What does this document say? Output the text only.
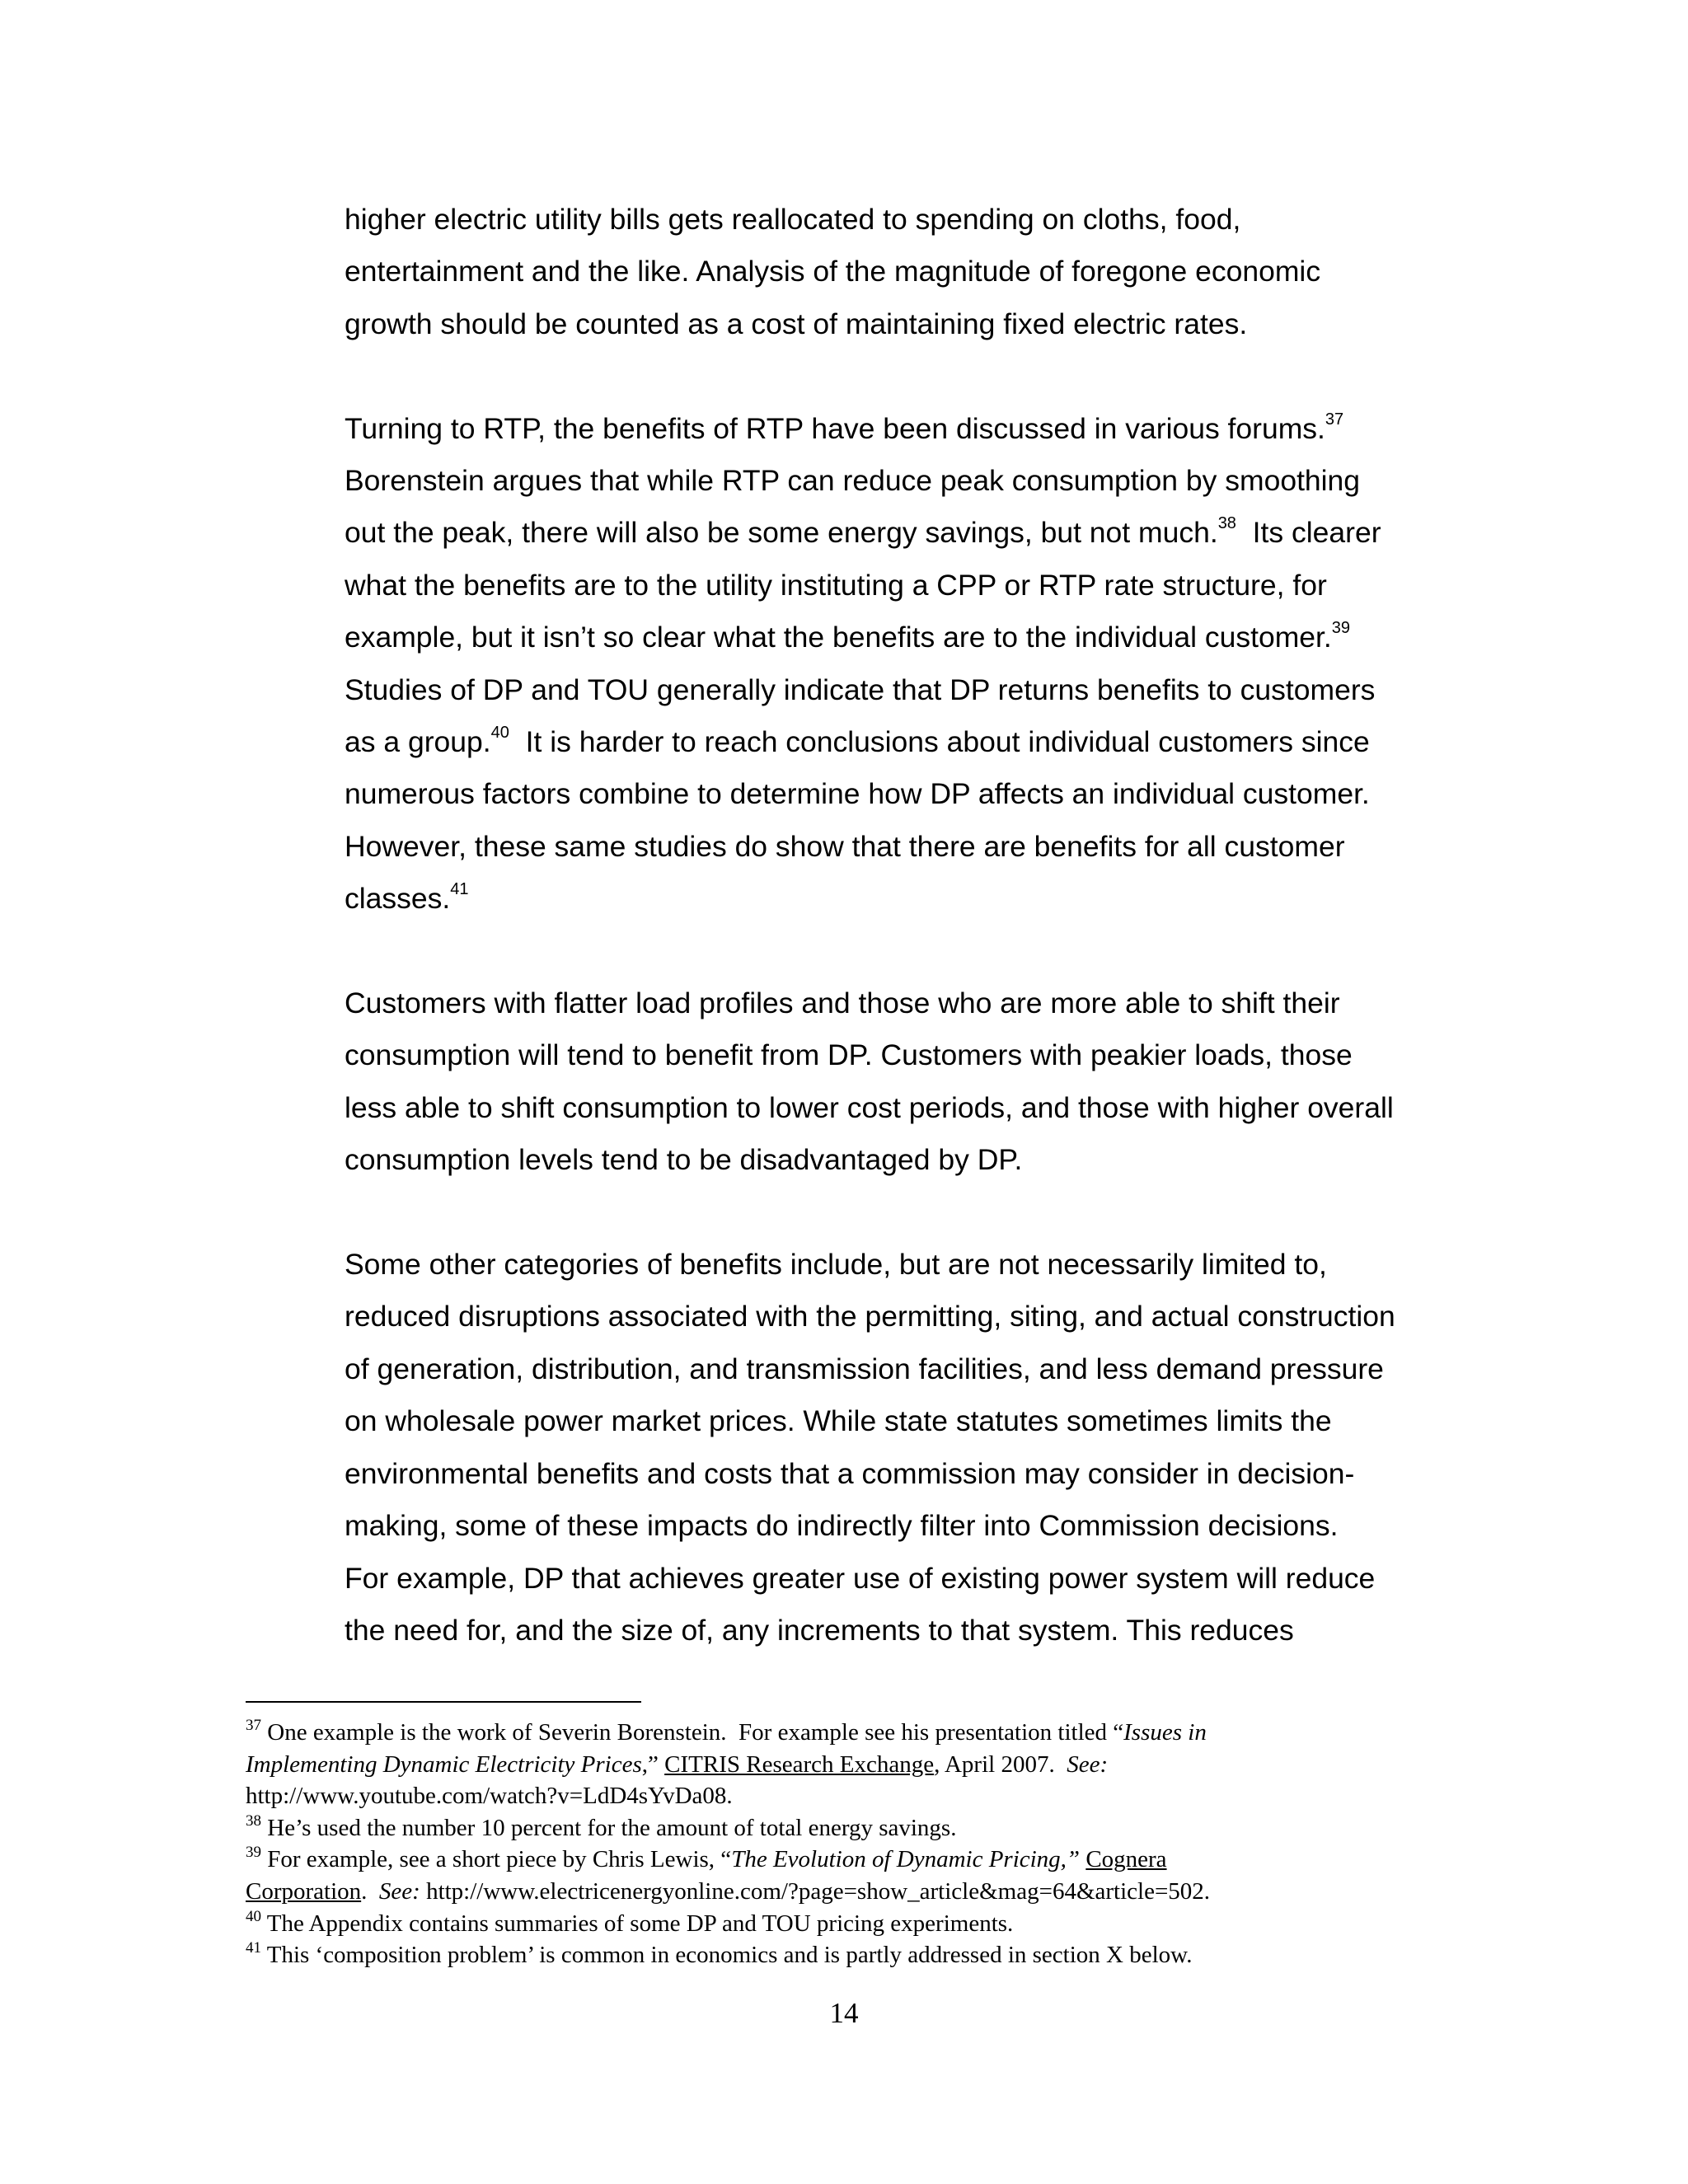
higher electric utility bills gets reallocated to spending on cloths, food,
entertainment and the like. Analysis of the magnitude of foregone economic
growth should be counted as a cost of maintaining fixed electric rates.
Turning to RTP, the benefits of RTP have been discussed in various forums.$^{37}$
Borenstein argues that while RTP can reduce peak consumption by smoothing
out the peak, there will also be some energy savings, but not much.$^{38}$  Its clearer
what the benefits are to the utility instituting a CPP or RTP rate structure, for
example, but it isn’t so clear what the benefits are to the individual customer.$^{39}$
Studies of DP and TOU generally indicate that DP returns benefits to customers
as a group.$^{40}$  It is harder to reach conclusions about individual customers since
numerous factors combine to determine how DP affects an individual customer.
However, these same studies do show that there are benefits for all customer
classes.$^{41}$
Customers with flatter load profiles and those who are more able to shift their
consumption will tend to benefit from DP. Customers with peakier loads, those
less able to shift consumption to lower cost periods, and those with higher overall
consumption levels tend to be disadvantaged by DP.
Some other categories of benefits include, but are not necessarily limited to,
reduced disruptions associated with the permitting, siting, and actual construction
of generation, distribution, and transmission facilities, and less demand pressure
on wholesale power market prices. While state statutes sometimes limits the
environmental benefits and costs that a commission may consider in decision-
making, some of these impacts do indirectly filter into Commission decisions.
For example, DP that achieves greater use of existing power system will reduce
the need for, and the size of, any increments to that system. This reduces
$^{37}$ One example is the work of Severin Borenstein.  For example see his presentation titled “Issues in
Implementing Dynamic Electricity Prices,” CITRIS Research Exchange, April 2007.  See:
http://www.youtube.com/watch?v=LdD4sYvDa08.
$^{38}$ He’s used the number 10 percent for the amount of total energy savings.
$^{39}$ For example, see a short piece by Chris Lewis, “The Evolution of Dynamic Pricing,” Cognera
Corporation.  See: http://www.electricenergyonline.com/?page=show_article&mag=64&article=502.
$^{40}$ The Appendix contains summaries of some DP and TOU pricing experiments.
$^{41}$ This ‘composition problem’ is common in economics and is partly addressed in section X below.
14
